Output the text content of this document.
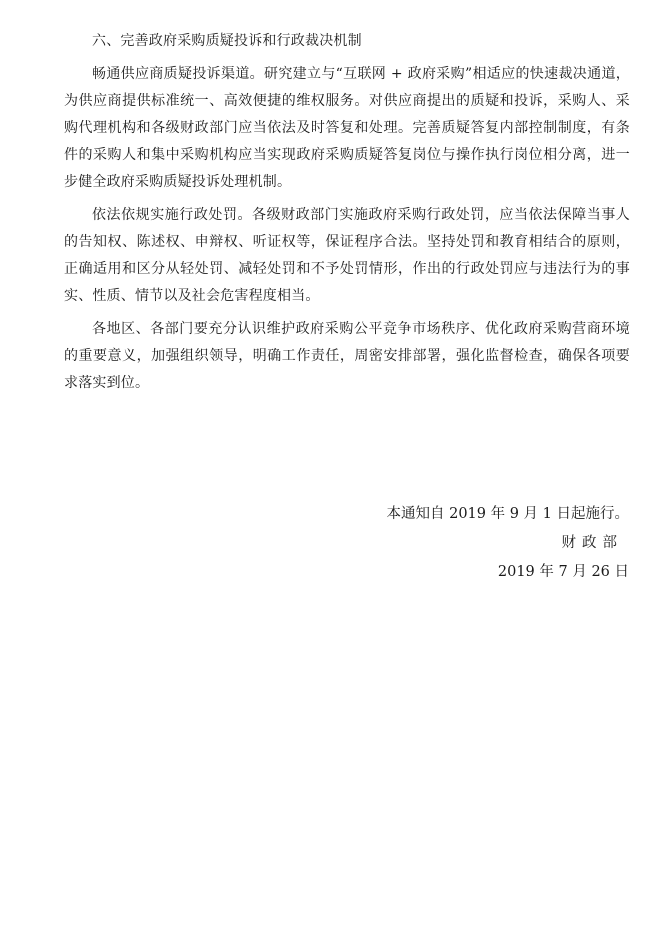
六、完善政府采购质疑投诉和行政裁决机制

畅通供应商质疑投诉渠道。研究建立与“互联网 + 政府采购”相适应的快速裁决通道，为供应商提供标准统一、高效便捷的维权服务。对供应商提出的质疑和投诉，采购人、采购代理机构和各级财政部门应当依法及时答复和处理。完善质疑答复内部控制制度，有条件的采购人和集中采购机构应当实现政府采购质疑答复岗位与操作执行岗位相分离，进一步健全政府采购质疑投诉处理机制。

依法依规实施行政处罚。各级财政部门实施政府采购行政处罚，应当依法保障当事人的告知权、陈述权、申辩权、听证权等，保证程序合法。坚持处罚和教育相结合的原则，正确适用和区分从轻处罚、减轻处罚和不予处罚情形，作出的行政处罚应与违法行为的事实、性质、情节以及社会危害程度相当。

各地区、各部门要充分认识维护政府采购公平竞争市场秩序、优化政府采购营商环境的重要意义，加强组织领导，明确工作责任，周密安排部署，强化监督检查，确保各项要求落实到位。

本通知自 2019 年 9 月 1 日起施行。
财政部
2019 年 7 月 26 日
